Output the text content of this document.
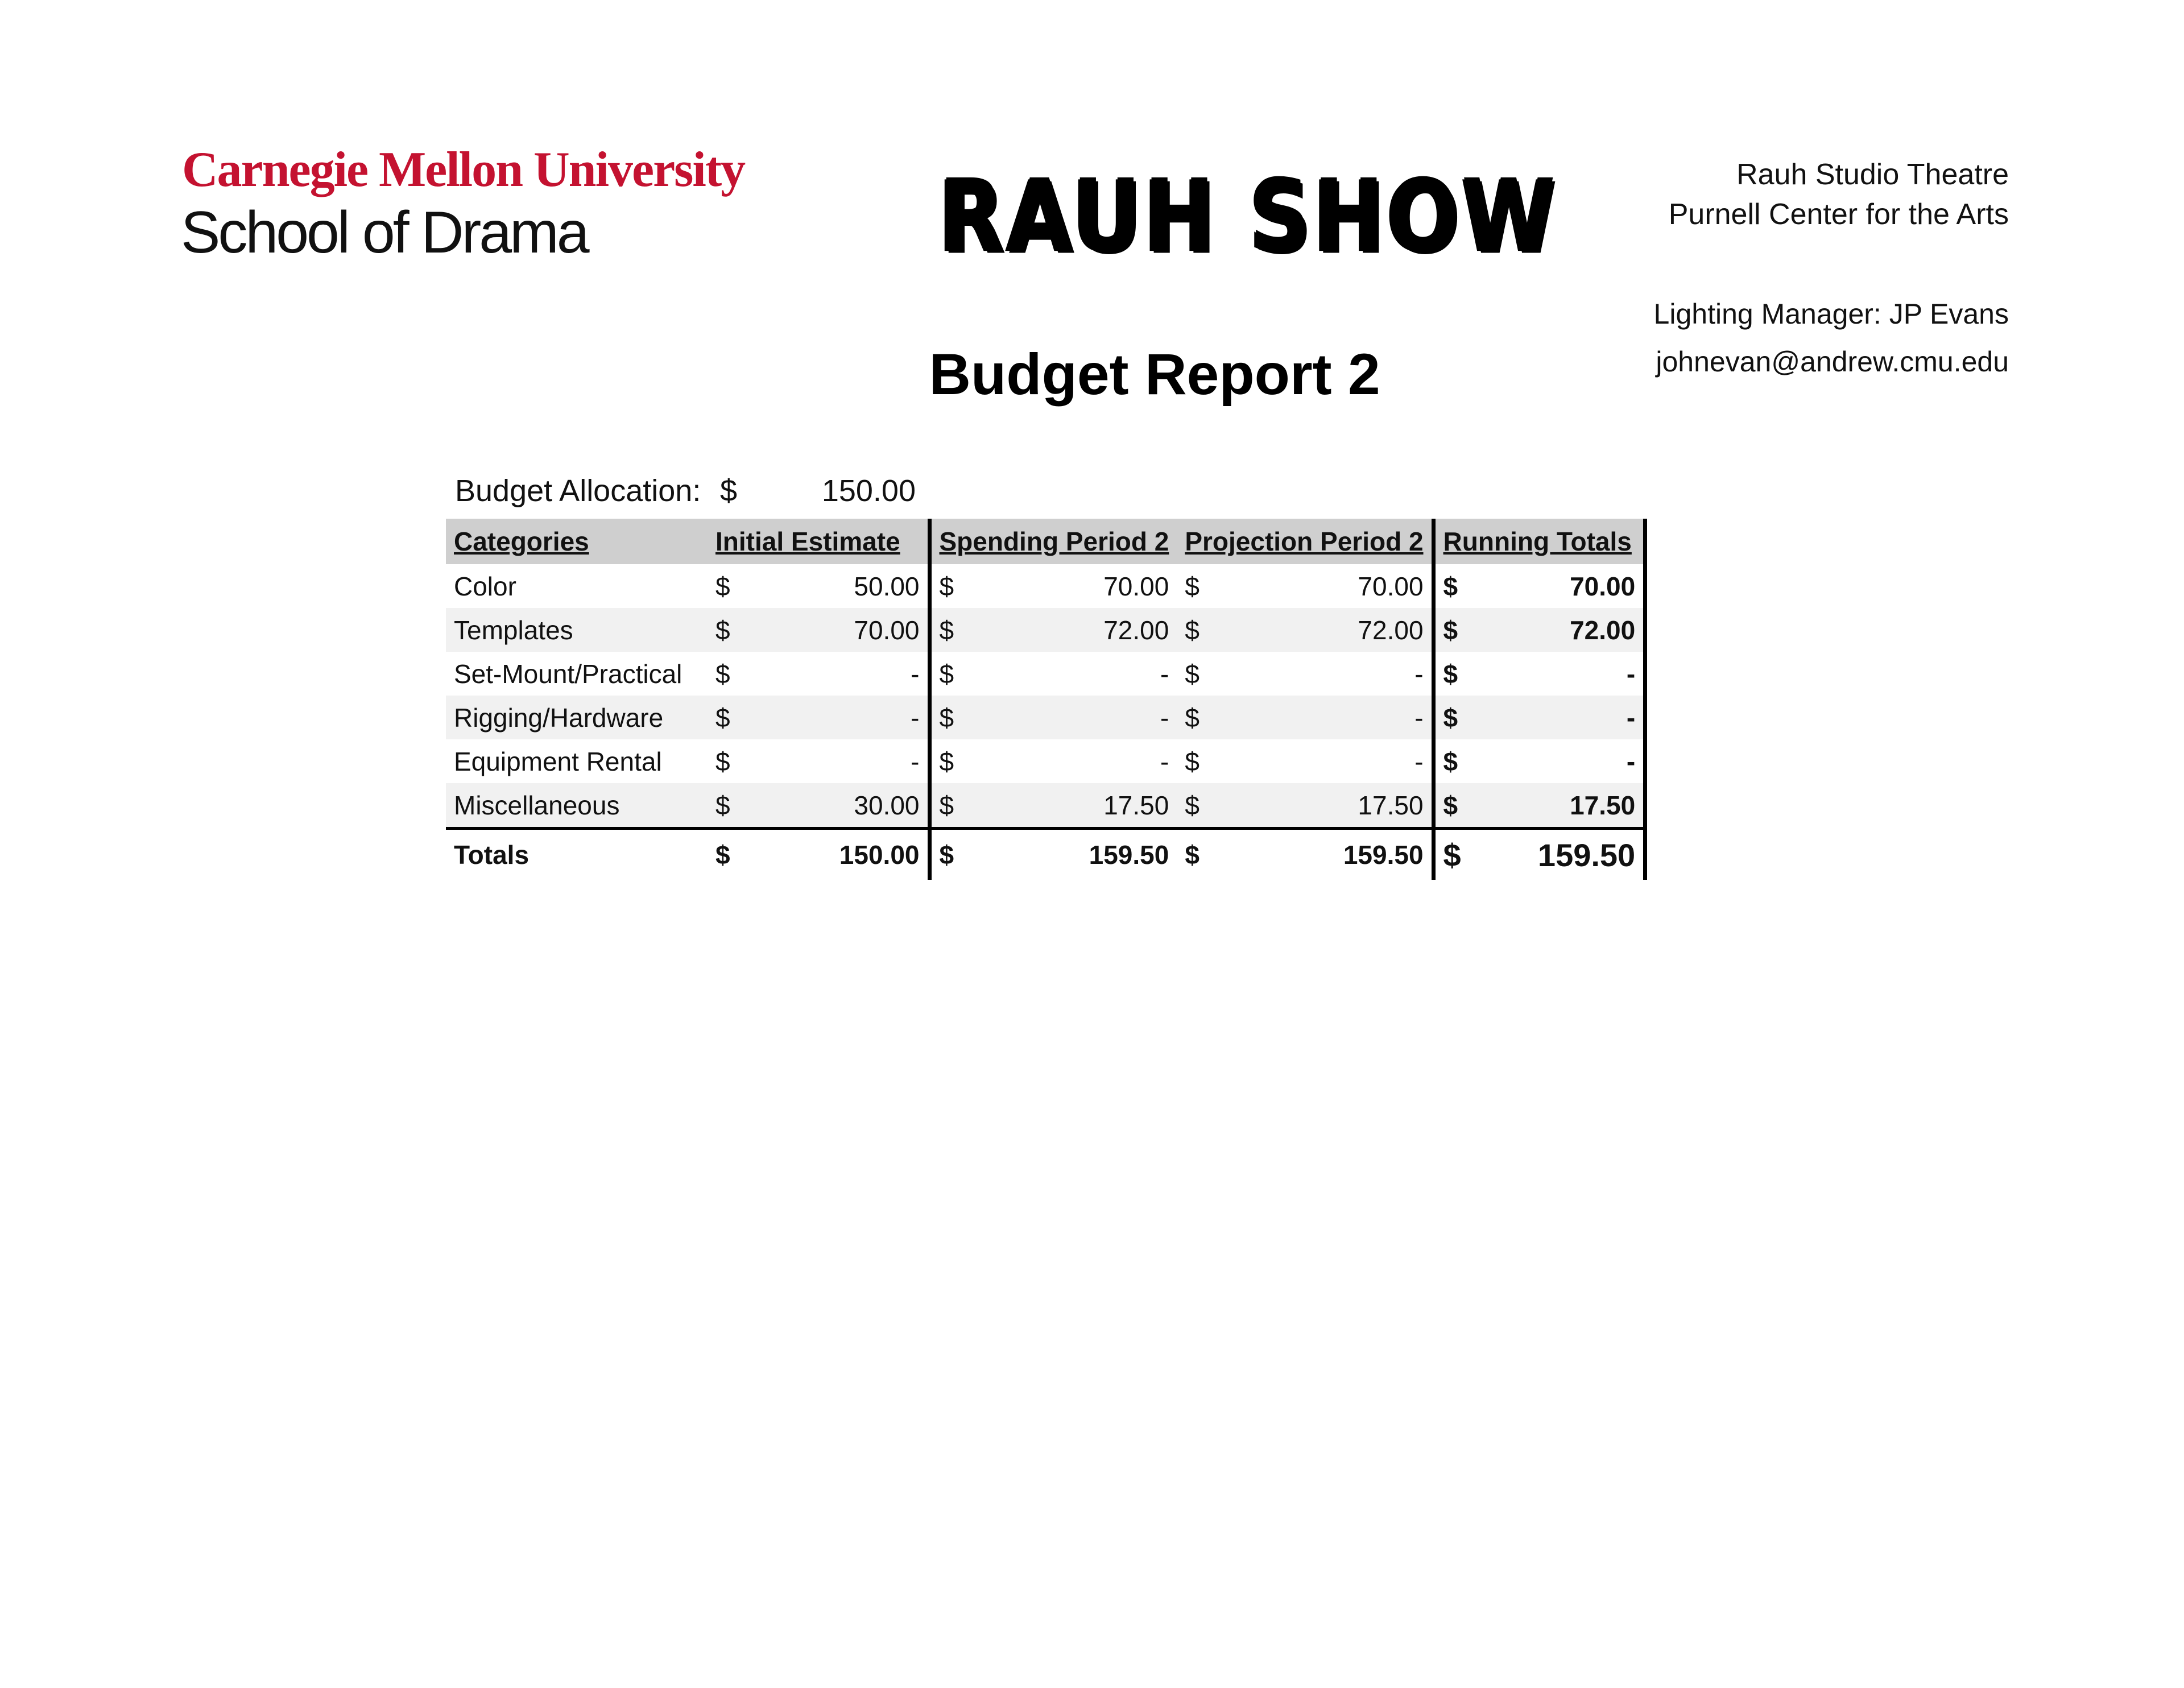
Carnegie Mellon University
School of Drama	RAUH SHOW
Budget Report 2
Rauh Studio Theatre
Purnell Center for the Arts
Lighting Manager: JP Evans
johnevan@andrew.cmu.edu
Budget Allocation: $	150.00
Categories	Initial Estimate		Spending Period 2		Projection Period 2		Running Totals	
Color	$	50.00	$	70.00	$	70.00	$	70.00
Templates	$	70.00	$	72.00	$	72.00	$	72.00
Set-Mount/Practical	$	-	$	-	$	-	$	-
Rigging/Hardware	$	-	$	-	$	-	$	-
Equipment Rental	$	-	$	-	$	-	$	-
Miscellaneous	$	30.00	$	17.50	$	17.50	$	17.50
Totals	$	150.00	$	159.50	$	159.50	$	159.50
